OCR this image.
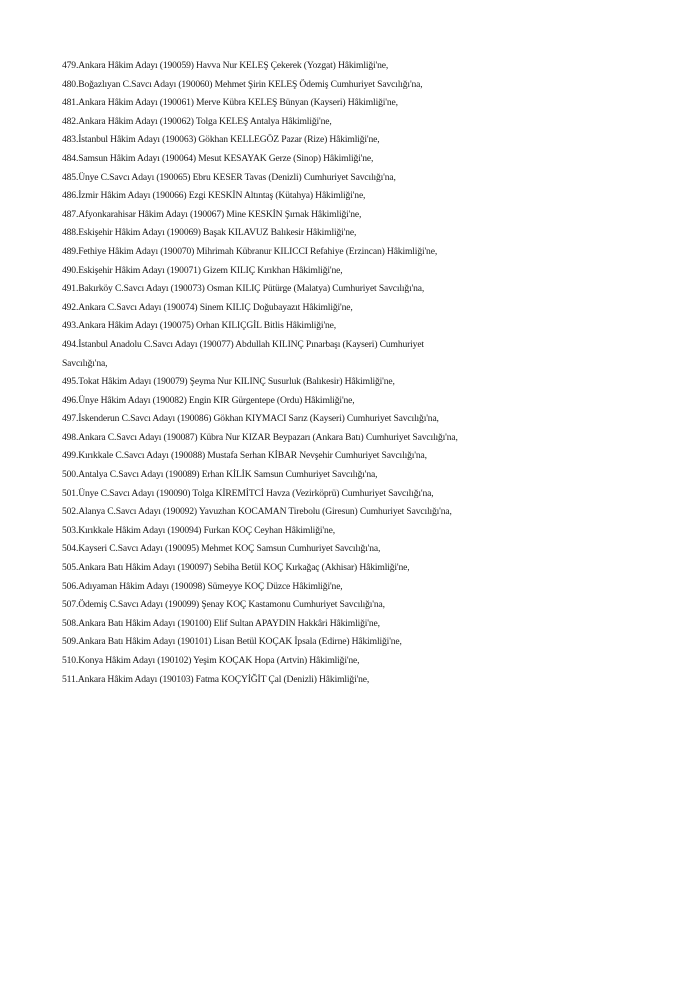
479.Ankara Hâkim Adayı (190059) Havva Nur KELEŞ Çekerek (Yozgat) Hâkimliği'ne,
480.Boğazlıyan C.Savcı Adayı (190060) Mehmet Şirin KELEŞ Ödemiş Cumhuriyet Savcılığı'na,
481.Ankara Hâkim Adayı (190061) Merve Kübra KELEŞ Bünyan (Kayseri) Hâkimliği'ne,
482.Ankara Hâkim Adayı (190062) Tolga KELEŞ Antalya Hâkimliği'ne,
483.İstanbul Hâkim Adayı (190063) Gökhan KELLEGÖZ Pazar (Rize) Hâkimliği'ne,
484.Samsun Hâkim Adayı (190064) Mesut KESAYAK Gerze (Sinop) Hâkimliği'ne,
485.Ünye C.Savcı Adayı (190065) Ebru KESER Tavas (Denizli) Cumhuriyet Savcılığı'na,
486.İzmir Hâkim Adayı (190066) Ezgi KESKİN Altıntaş (Kütahya) Hâkimliği'ne,
487.Afyonkarahisar Hâkim Adayı (190067) Mine KESKİN Şırnak Hâkimliği'ne,
488.Eskişehir Hâkim Adayı (190069) Başak KILAVUZ Balıkesir Hâkimliği'ne,
489.Fethiye Hâkim Adayı (190070) Mihrimah Kübranur KILICCI Refahiye (Erzincan) Hâkimliği'ne,
490.Eskişehir Hâkim Adayı (190071) Gizem KILIÇ Kırıkhan Hâkimliği'ne,
491.Bakırköy C.Savcı Adayı (190073) Osman KILIÇ Pütürge (Malatya) Cumhuriyet Savcılığı'na,
492.Ankara C.Savcı Adayı (190074) Sinem KILIÇ Doğubayazıt Hâkimliği'ne,
493.Ankara Hâkim Adayı (190075) Orhan KILIÇGİL Bitlis Hâkimliği'ne,
494.İstanbul Anadolu C.Savcı Adayı (190077) Abdullah KILINÇ Pınarbaşı (Kayseri) Cumhuriyet
Savcılığı'na,
495.Tokat Hâkim Adayı (190079) Şeyma Nur KILINÇ Susurluk (Balıkesir) Hâkimliği'ne,
496.Ünye Hâkim Adayı (190082) Engin KIR Gürgentepe (Ordu) Hâkimliği'ne,
497.İskenderun C.Savcı Adayı (190086) Gökhan KIYMACI Sarız (Kayseri) Cumhuriyet Savcılığı'na,
498.Ankara C.Savcı Adayı (190087) Kübra Nur KIZAR Beypazarı (Ankara Batı) Cumhuriyet Savcılığı'na,
499.Kırıkkale C.Savcı Adayı (190088) Mustafa Serhan KİBAR Nevşehir Cumhuriyet Savcılığı'na,
500.Antalya C.Savcı Adayı (190089) Erhan KİLİK Samsun Cumhuriyet Savcılığı'na,
501.Ünye C.Savcı Adayı (190090) Tolga KİREMİTCİ Havza (Vezirköprü) Cumhuriyet Savcılığı'na,
502.Alanya C.Savcı Adayı (190092) Yavuzhan KOCAMAN Tirebolu (Giresun) Cumhuriyet Savcılığı'na,
503.Kırıkkale Hâkim Adayı (190094) Furkan KOÇ Ceyhan Hâkimliği'ne,
504.Kayseri C.Savcı Adayı (190095) Mehmet KOÇ Samsun Cumhuriyet Savcılığı'na,
505.Ankara Batı Hâkim Adayı (190097) Sebiha Betül KOÇ Kırkağaç (Akhisar) Hâkimliği'ne,
506.Adıyaman Hâkim Adayı (190098) Sümeyye KOÇ Düzce Hâkimliği'ne,
507.Ödemiş C.Savcı Adayı (190099) Şenay KOÇ Kastamonu Cumhuriyet Savcılığı'na,
508.Ankara Batı Hâkim Adayı (190100) Elif Sultan APAYDIN Hakkâri Hâkimliği'ne,
509.Ankara Batı Hâkim Adayı (190101) Lisan Betül KOÇAK İpsala (Edirne) Hâkimliği'ne,
510.Konya Hâkim Adayı (190102) Yeşim KOÇAK Hopa (Artvin) Hâkimliği'ne,
511.Ankara Hâkim Adayı (190103) Fatma KOÇYİĞİT Çal (Denizli) Hâkimliği'ne,
